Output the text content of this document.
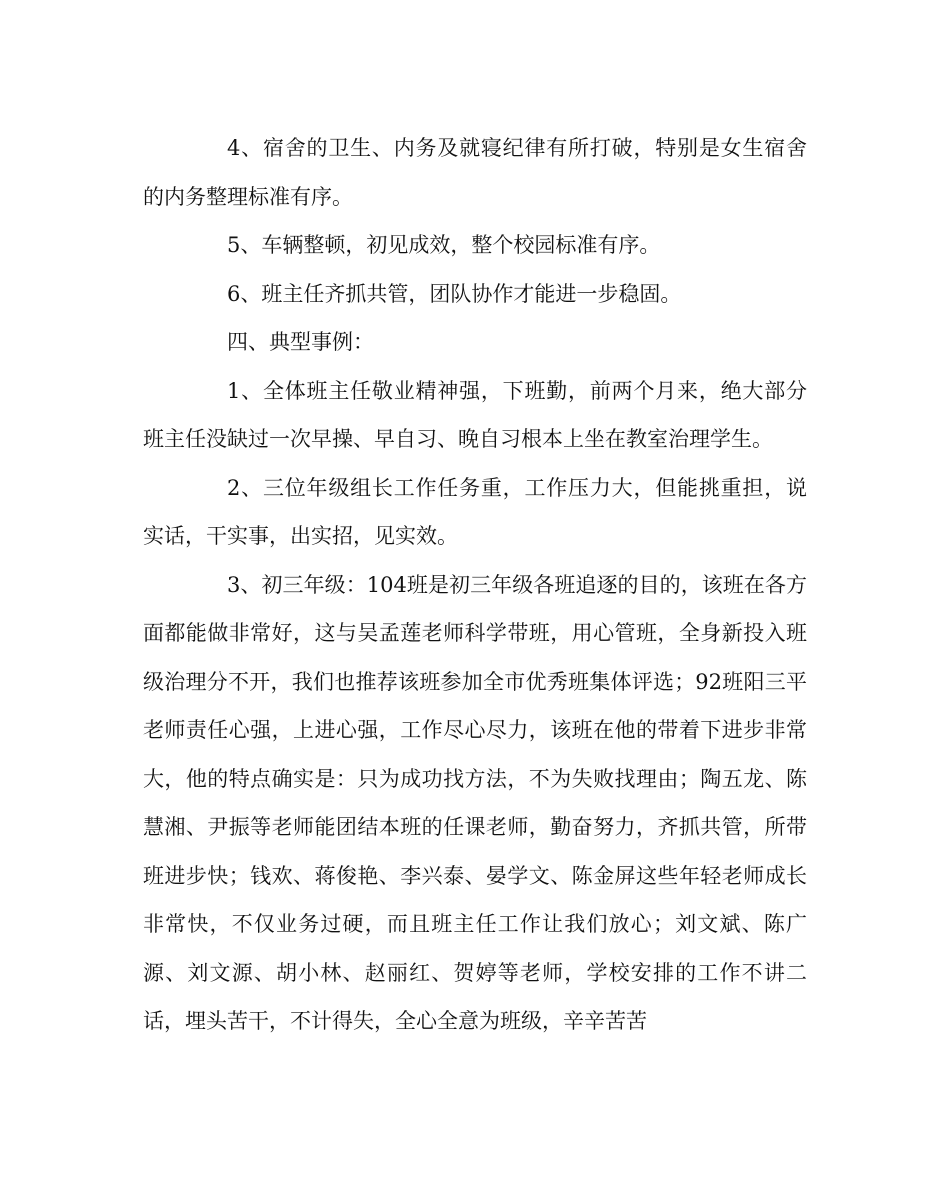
4、宿舍的卫生、内务及就寝纪律有所打破，特别是女生宿舍的内务整理标准有序。

5、车辆整顿，初见成效，整个校园标准有序。

6、班主任齐抓共管，团队协作才能进一步稳固。

四、典型事例：

1、全体班主任敬业精神强，下班勤，前两个月来，绝大部分班主任没缺过一次早操、早自习、晚自习根本上坐在教室治理学生。

2、三位年级组长工作任务重，工作压力大，但能挑重担，说实话，干实事，出实招，见实效。

3、初三年级：104班是初三年级各班追逐的目的，该班在各方面都能做非常好，这与吴孟莲老师科学带班，用心管班，全身新投入班级治理分不开，我们也推荐该班参加全市优秀班集体评选；92班阳三平老师责任心强，上进心强，工作尽心尽力，该班在他的带着下进步非常大，他的特点确实是：只为成功找方法，不为失败找理由；陶五龙、陈慧湘、尹振等老师能团结本班的任课老师，勤奋努力，齐抓共管，所带班进步快；钱欢、蒋俊艳、李兴泰、晏学文、陈金屏这些年轻老师成长非常快，不仅业务过硬，而且班主任工作让我们放心；刘文斌、陈广源、刘文源、胡小林、赵丽红、贺婷等老师，学校安排的工作不讲二话，埋头苦干，不计得失，全心全意为班级，辛辛苦苦
